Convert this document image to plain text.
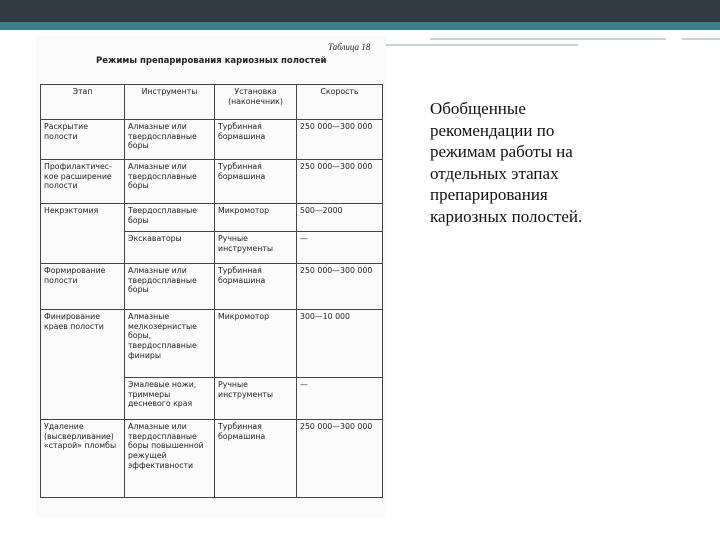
Таблица 18
Режимы препарирования кариозных полостей
Этап	Инструменты	Установка (наконечник)	Скорость
Раскрытие полости	Алмазные или твердосплавные боры	Турбинная бормашина	250 000—300 000
Профилактичес-кое расширение полости	Алмазные или твердосплавные боры	Турбинная бормашина	250 000—300 000
Некрэктомия	Твердосплавные боры	Микромотор	500—2000
	Экскаваторы	Ручные инструменты	—
Формирование полости	Алмазные или твердосплавные боры	Турбинная бормашина	250 000—300 000
Финирование краев полости	Алмазные мелкозернистые боры, твердосплавные финиры	Микромотор	300—10 000
	Эмалевые ножи, триммеры десневого края	Ручные инструменты	—
Удаление (высверливание) «старой» пломбы	Алмазные или твердосплавные боры повышенной режущей эффективности	Турбинная бормашина	250 000—300 000
Обобщенные
рекомендации по
режимам работы на
отдельных этапах
препарирования
кариозных полостей.
